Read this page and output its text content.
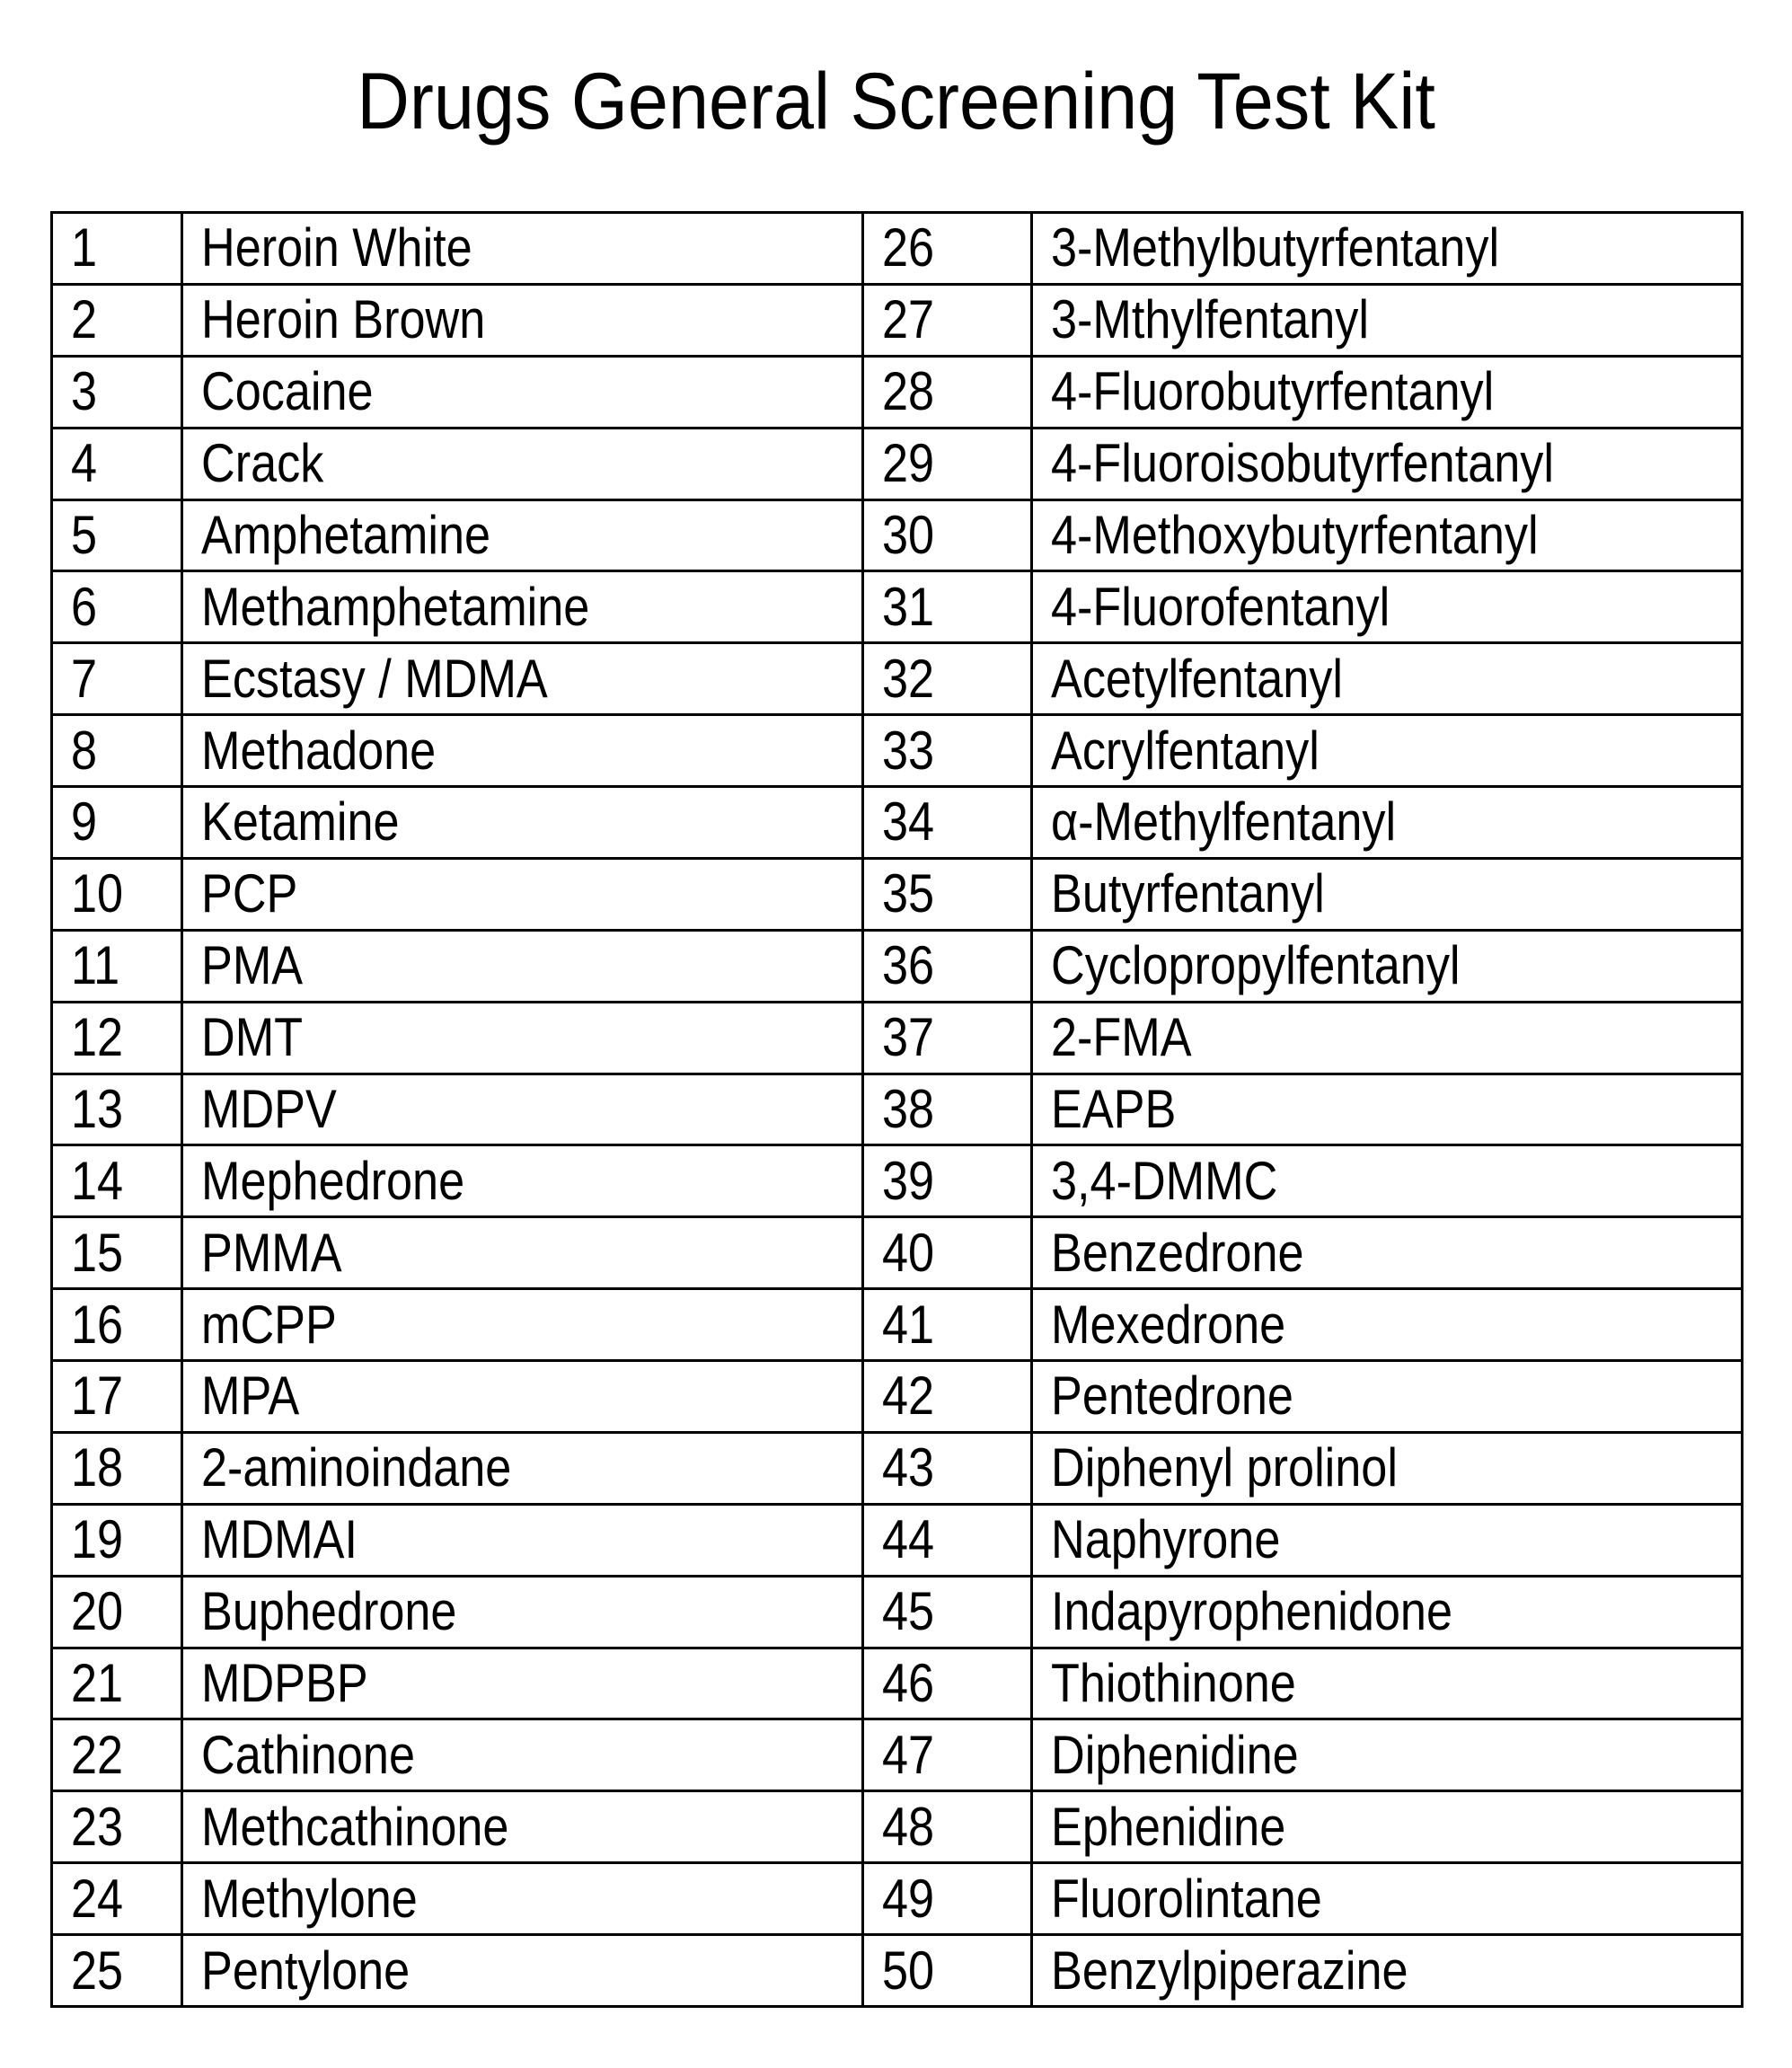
Drugs General Screening Test Kit
1	Heroin White	26	3-Methylbutyrfentanyl
2	Heroin Brown	27	3-Mthylfentanyl
3	Cocaine	28	4-Fluorobutyrfentanyl
4	Crack	29	4-Fluoroisobutyrfentanyl
5	Amphetamine	30	4-Methoxybutyrfentanyl
6	Methamphetamine	31	4-Fluorofentanyl
7	Ecstasy / MDMA	32	Acetylfentanyl
8	Methadone	33	Acrylfentanyl
9	Ketamine	34	α-Methylfentanyl
10	PCP	35	Butyrfentanyl
11	PMA	36	Cyclopropylfentanyl
12	DMT	37	2-FMA
13	MDPV	38	EAPB
14	Mephedrone	39	3,4-DMMC
15	PMMA	40	Benzedrone
16	mCPP	41	Mexedrone
17	MPA	42	Pentedrone
18	2-aminoindane	43	Diphenyl prolinol
19	MDMAI	44	Naphyrone
20	Buphedrone	45	Indapyrophenidone
21	MDPBP	46	Thiothinone
22	Cathinone	47	Diphenidine
23	Methcathinone	48	Ephenidine
24	Methylone	49	Fluorolintane
25	Pentylone	50	Benzylpiperazine
